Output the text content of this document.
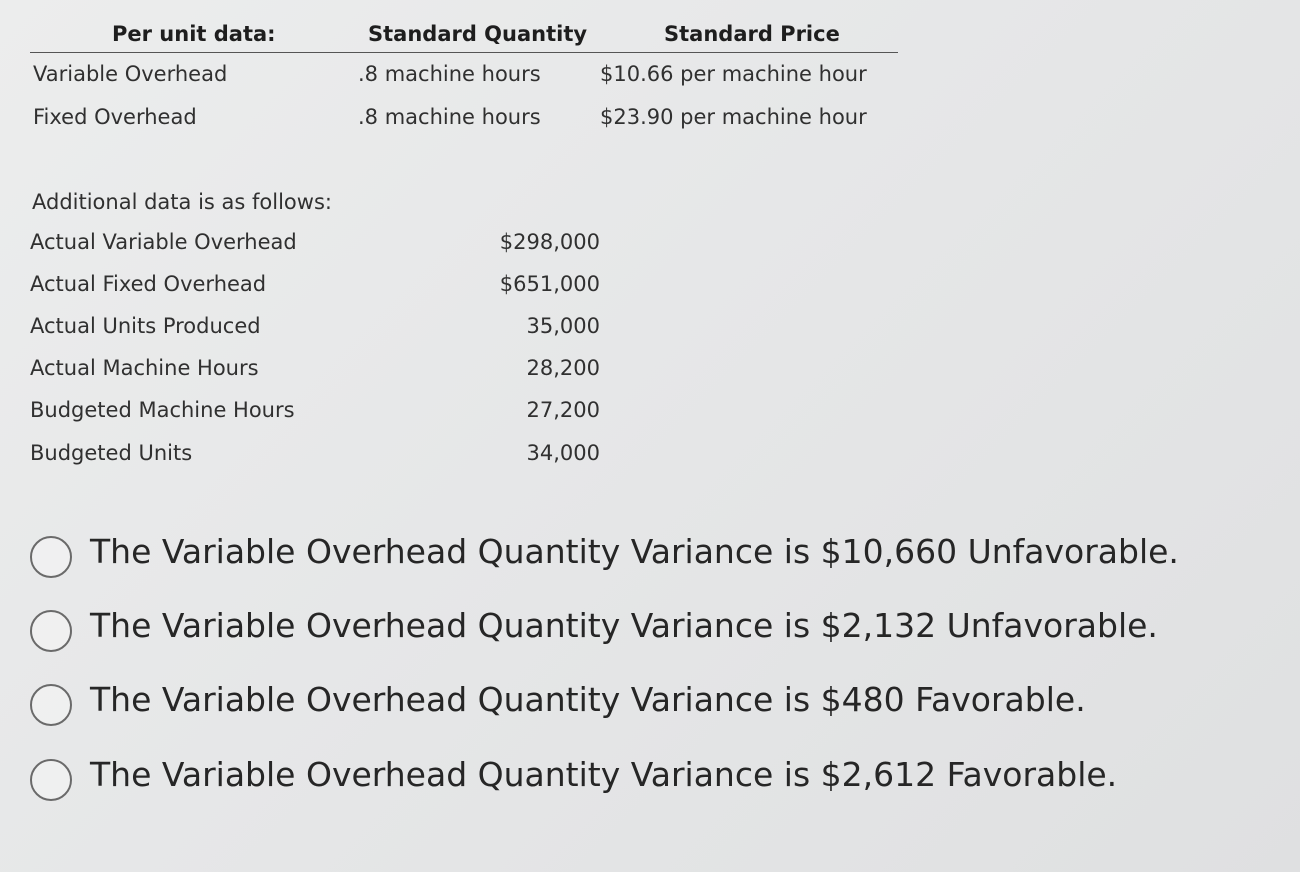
Per unit data:	Standard Quantity	Standard Price
Variable Overhead	.8 machine hours	$10.66 per machine hour
Fixed Overhead	.8 machine hours	$23.90 per machine hour
Additional data is as follows:
Actual Variable Overhead	$298,000
Actual Fixed Overhead	$651,000
Actual Units Produced	35,000
Actual Machine Hours	28,200
Budgeted Machine Hours	27,200
Budgeted Units	34,000
The Variable Overhead Quantity Variance is $10,660 Unfavorable.
The Variable Overhead Quantity Variance is $2,132 Unfavorable.
The Variable Overhead Quantity Variance is $480 Favorable.
The Variable Overhead Quantity Variance is $2,612 Favorable.
